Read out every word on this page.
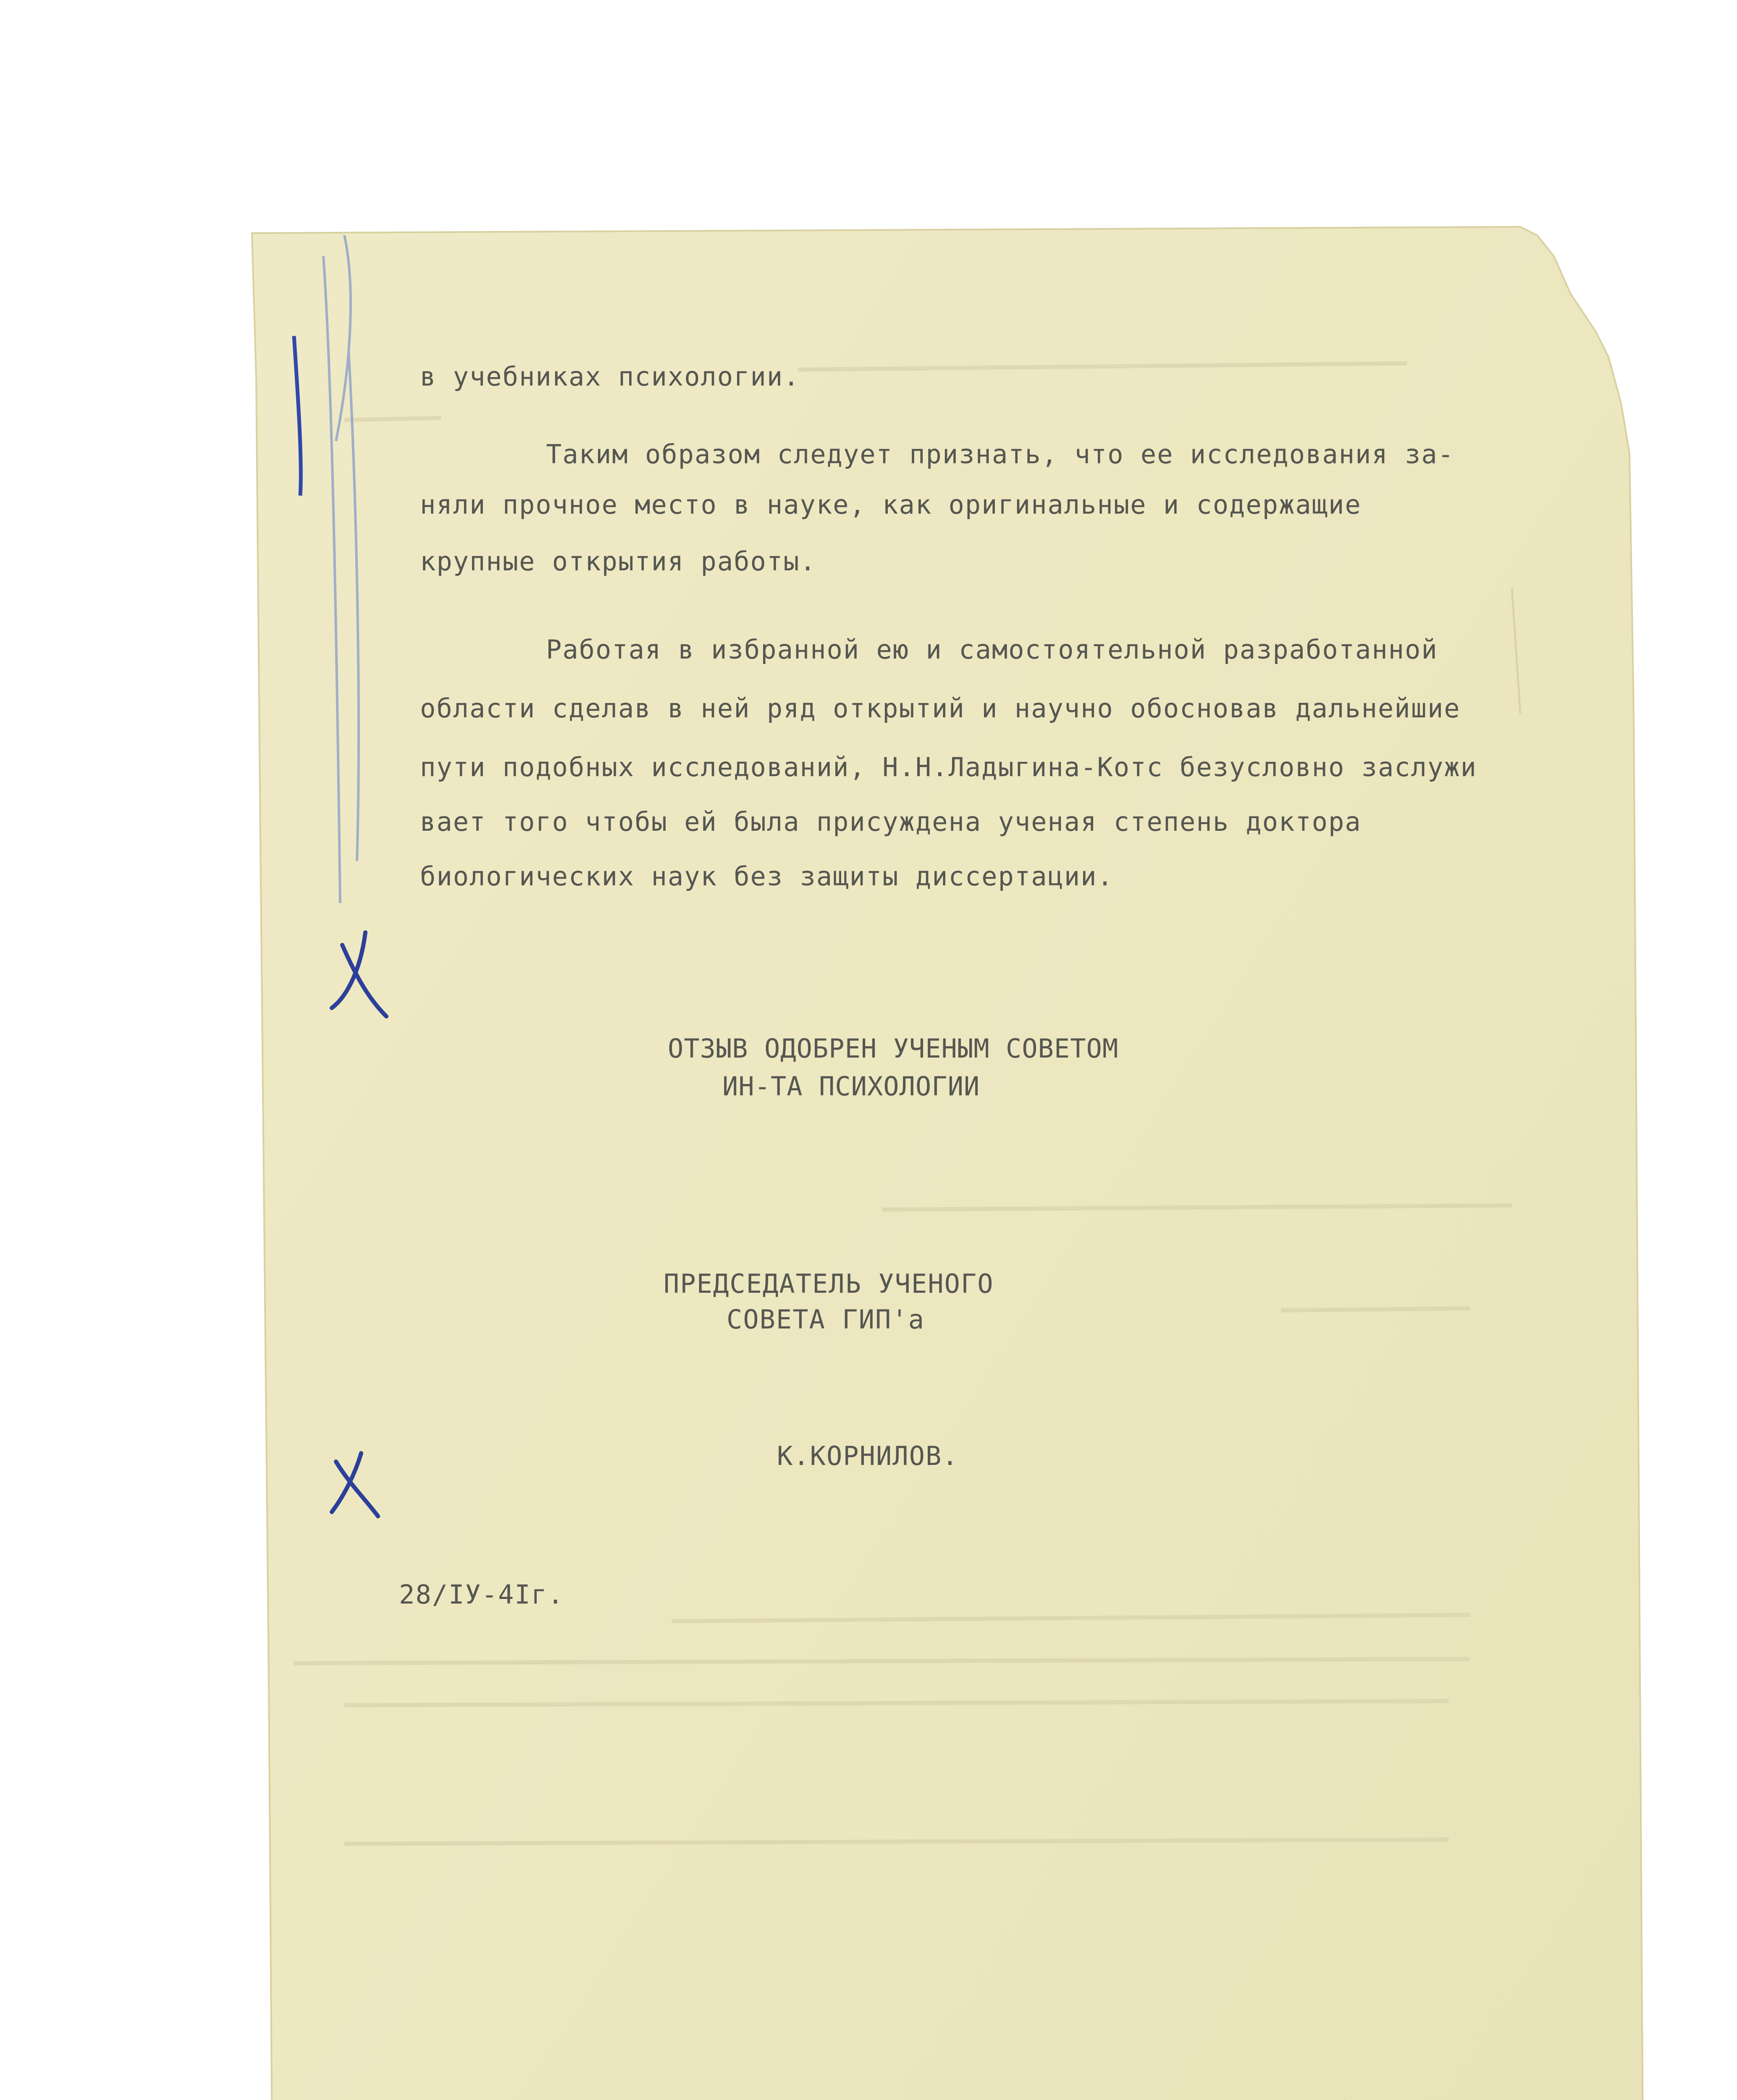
в учебниках психологии.
Таким образом следует признать, что ее исследования за-
няли прочное место в науке, как оригинальные и содержащие
крупные открытия работы.
Работая в избранной ею и самостоятельной разработанной
области сделав в ней ряд открытий и научно обосновав дальнейшие
пути подобных исследований, Н.Н.Ладыгина-Котс безусловно заслужи
вает того чтобы ей была присуждена ученая степень доктора
биологических наук без защиты диссертации.
ОТЗЫВ ОДОБРЕН УЧЕНЫМ СОВЕТОМ
ИН-ТА ПСИХОЛОГИИ
ПРЕДСЕДАТЕЛЬ УЧЕНОГО
СОВЕТА ГИП'а
К.КОРНИЛОВ.
28/IУ-4Iг.
